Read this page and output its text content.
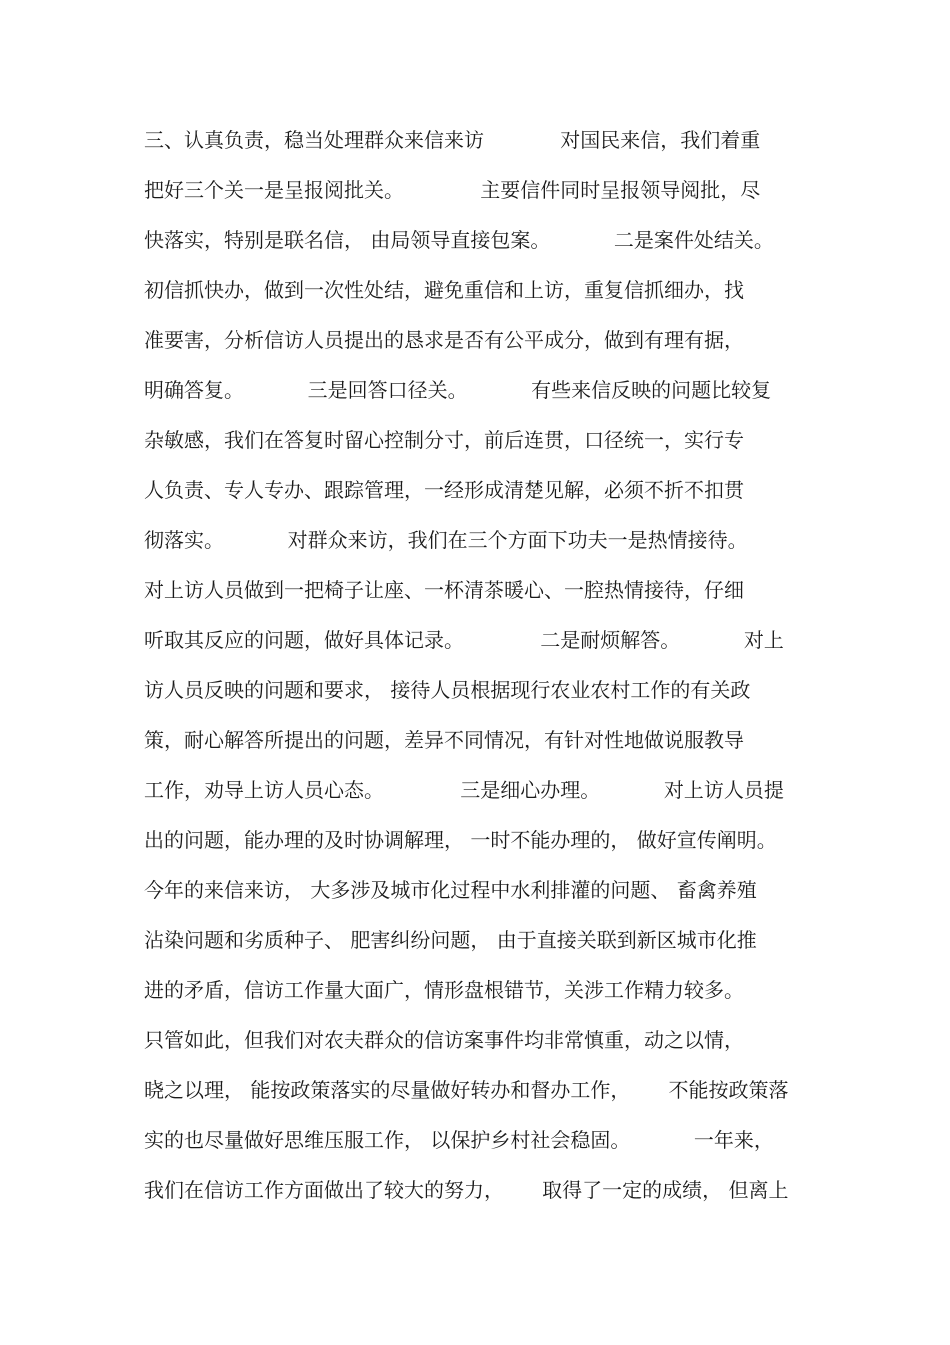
三、认真负责，稳当处理群众来信来访            对国民来信，我们着重
把好三个关一是呈报阅批关。            主要信件同时呈报领导阅批，尽
快落实，特别是联名信， 由局领导直接包案。          二是案件处结关。
初信抓快办，做到一次性处结，避免重信和上访，重复信抓细办，找
准要害，分析信访人员提出的恳求是否有公平成分，做到有理有据，
明确答复。          三是回答口径关。          有些来信反映的问题比较复
杂敏感，我们在答复时留心控制分寸，前后连贯，口径统一，实行专
人负责、专人专办、跟踪管理，一经形成清楚见解，必须不折不扣贯
彻落实。          对群众来访，我们在三个方面下功夫一是热情接待。
对上访人员做到一把椅子让座、一杯清茶暖心、一腔热情接待，仔细
听取其反应的问题，做好具体记录。            二是耐烦解答。          对上
访人员反映的问题和要求， 接待人员根据现行农业农村工作的有关政
策，耐心解答所提出的问题，差异不同情况，有针对性地做说服教导
工作，劝导上访人员心态。            三是细心办理。          对上访人员提
出的问题，能办理的及时协调解理， 一时不能办理的， 做好宣传阐明。
今年的来信来访， 大多涉及城市化过程中水利排灌的问题、 畜禽养殖
沾染问题和劣质种子、 肥害纠纷问题， 由于直接关联到新区城市化推
进的矛盾，信访工作量大面广，情形盘根错节，关涉工作精力较多。
只管如此，但我们对农夫群众的信访案事件均非常慎重，动之以情，
晓之以理， 能按政策落实的尽量做好转办和督办工作，      不能按政策落
实的也尽量做好思维压服工作， 以保护乡村社会稳固。          一年来，
我们在信访工作方面做出了较大的努力，      取得了一定的成绩， 但离上
